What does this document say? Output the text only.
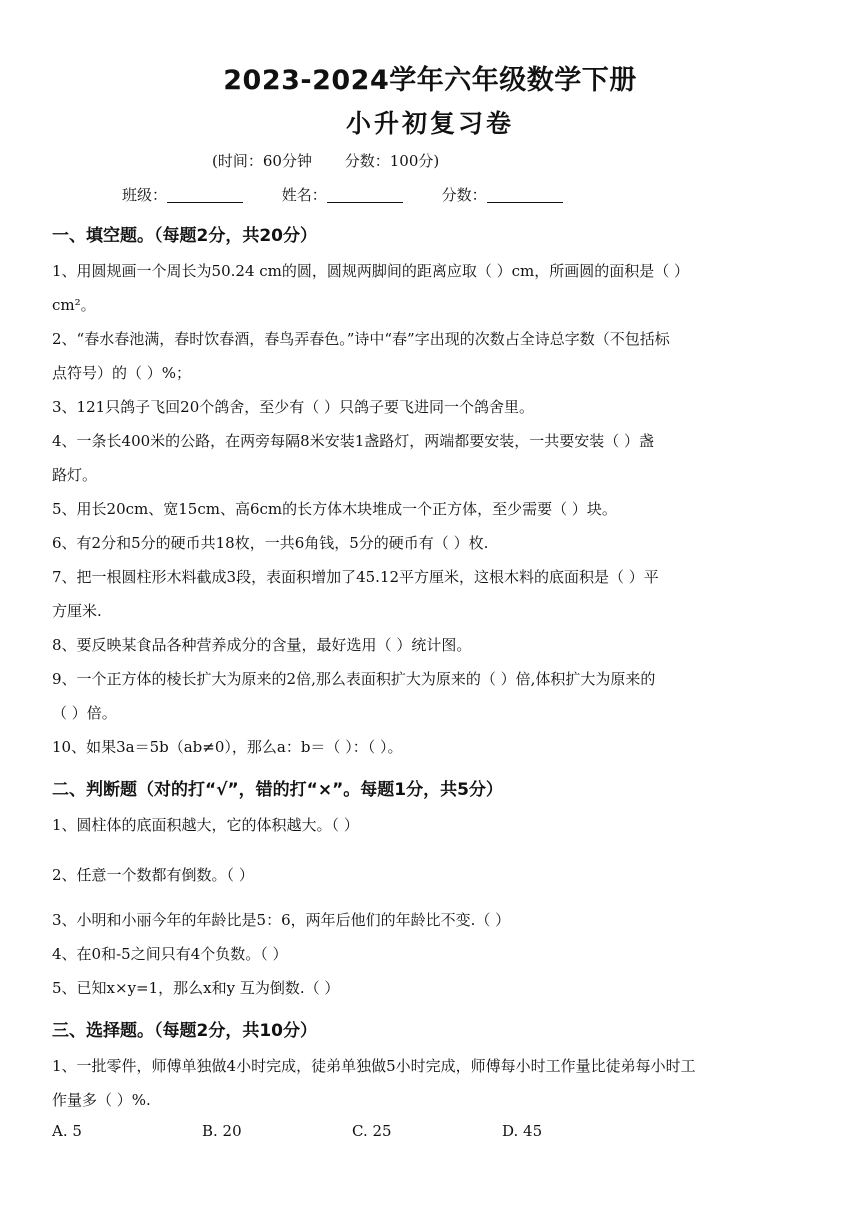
2023-2024学年六年级数学下册
小升初复习卷
(时间：60分钟 分数：100分)
班级：	姓名：	分数：
一、填空题。（每题2分，共20分）
1、用圆规画一个周长为50.24 cm的圆，圆规两脚间的距离应取（ ）cm，所画圆的面积是（ ）
cm²。
2、“春水春池满，春时饮春酒，春鸟弄春色。”诗中“春”字出现的次数占全诗总字数（不包括标
点符号）的（ ）%；
3、121只鸽子飞回20个鸽舍，至少有（ ）只鸽子要飞进同一个鸽舍里。
4、一条长400米的公路，在两旁每隔8米安装1盏路灯，两端都要安装，一共要安装（ ）盏
路灯。
5、用长20cm、宽15cm、高6cm的长方体木块堆成一个正方体，至少需要（ ）块。
6、有2分和5分的硬币共18枚，一共6角钱，5分的硬币有（ ）枚.
7、把一根圆柱形木料截成3段，表面积增加了45.12平方厘米，这根木料的底面积是（ ）平
方厘米.
8、要反映某食品各种营养成分的含量，最好选用（ ）统计图。
9、一个正方体的棱长扩大为原来的2倍,那么表面积扩大为原来的（ ）倍,体积扩大为原来的
（ ）倍。
10、如果3a＝5b（ab≠0），那么a：b＝（ ）：（ ）。
二、判断题（对的打“√”，错的打“×”。每题1分，共5分）
1、圆柱体的底面积越大，它的体积越大。（ ）
2、任意一个数都有倒数。（ ）
3、小明和小丽今年的年龄比是5：6，两年后他们的年龄比不变.（ ）
4、在0和-5之间只有4个负数。（ ）
5、已知x×y=1，那么x和y 互为倒数.（ ）
三、选择题。（每题2分，共10分）
1、一批零件，师傅单独做4小时完成，徒弟单独做5小时完成，师傅每小时工作量比徒弟每小时工
作量多（ ）%.
A. 5	B. 20	C. 25	D. 45
